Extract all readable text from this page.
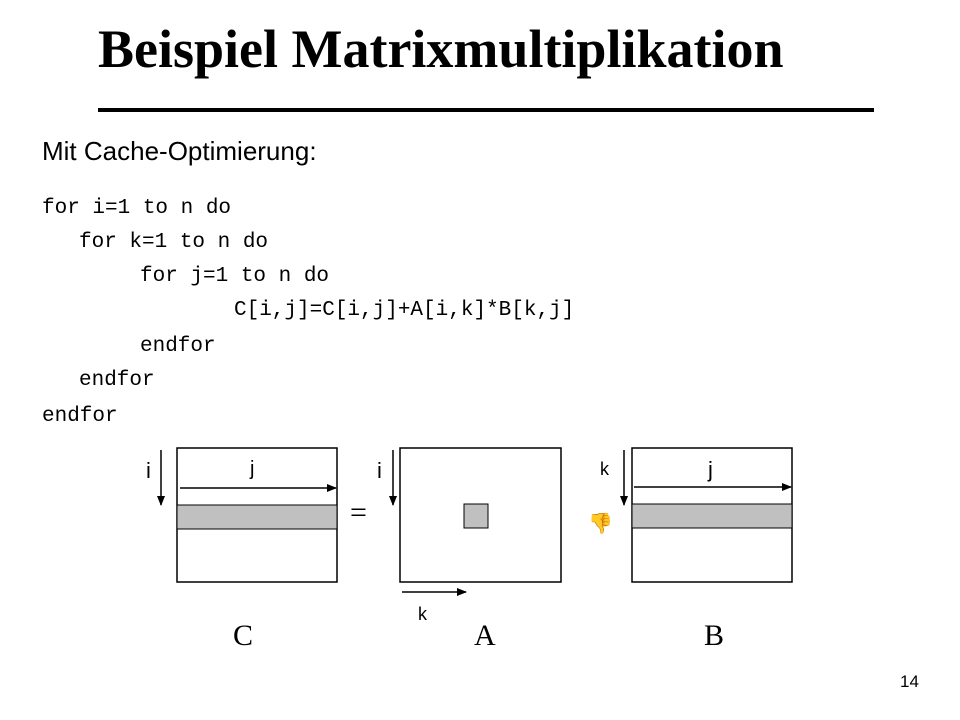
Beispiel Matrixmultiplikation
Mit Cache-Optimierung:
for i=1 to n do
for k=1 to n do
for j=1 to n do
C[i,j]=C[i,j]+A[i,k]*B[k,j]
endfor
endfor
endfor
i	j
C
=
i
k
A
👎
k	j
B
14
